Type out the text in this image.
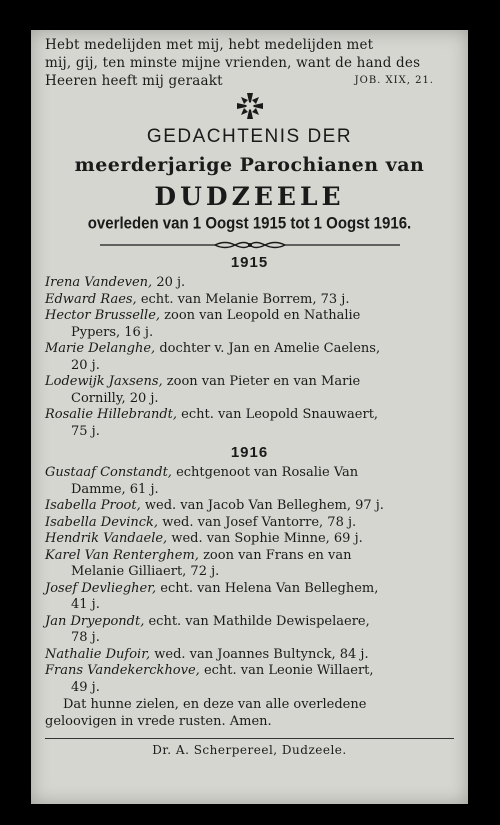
Hebt medelijden met mij, hebt medelijden met
mij, gij, ten minste mijne vrienden, want de hand des
Heeren heeft mij geraakt	JOB. XIX, 21.
GEDACHTENIS DER
meerderjarige Parochianen van
DUDZEELE
overleden van 1 Oogst 1915 tot 1 Oogst 1916.
1915
Irena Vandeven, 20 j.
Edward Raes, echt. van Melanie Borrem, 73 j.
Hector Brusselle, zoon van Leopold en Nathalie
Pypers, 16 j.
Marie Delanghe, dochter v. Jan en Amelie Caelens,
20 j.
Lodewijk Jaxsens, zoon van Pieter en van Marie
Cornilly, 20 j.
Rosalie Hillebrandt, echt. van Leopold Snauwaert,
75 j.
1916
Gustaaf Constandt, echtgenoot van Rosalie Van
Damme, 61 j.
Isabella Proot, wed. van Jacob Van Belleghem, 97 j.
Isabella Devinck, wed. van Josef Vantorre, 78 j.
Hendrik Vandaele, wed. van Sophie Minne, 69 j.
Karel Van Renterghem, zoon van Frans en van
Melanie Gilliaert, 72 j.
Josef Devliegher, echt. van Helena Van Belleghem,
41 j.
Jan Dryepondt, echt. van Mathilde Dewispelaere,
78 j.
Nathalie Dufoir, wed. van Joannes Bultynck, 84 j.
Frans Vandekerckhove, echt. van Leonie Willaert,
49 j.
Dat hunne zielen, en deze van alle overledene
geloovigen in vrede rusten. Amen.
Dr. A. Scherpereel, Dudzeele.
